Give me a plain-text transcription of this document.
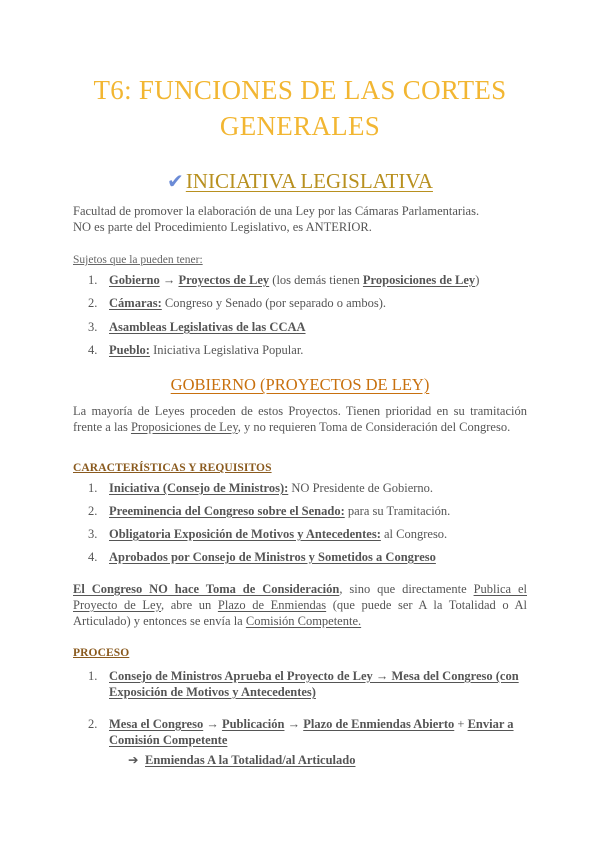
T6: FUNCIONES DE LAS CORTES GENERALES
✔INICIATIVA LEGISLATIVA
Facultad de promover la elaboración de una Ley por las Cámaras Parlamentarias.
NO es parte del Procedimiento Legislativo, es ANTERIOR.
Sujetos que la pueden tener:
1. Gobierno → Proyectos de Ley (los demás tienen Proposiciones de Ley)
2. Cámaras: Congreso y Senado (por separado o ambos).
3. Asambleas Legislativas de las CCAA
4. Pueblo: Iniciativa Legislativa Popular.
GOBIERNO (PROYECTOS DE LEY)
La mayoría de Leyes proceden de estos Proyectos. Tienen prioridad en su tramitación frente a las Proposiciones de Ley, y no requieren Toma de Consideración del Congreso.
CARACTERÍSTICAS Y REQUISITOS
1. Iniciativa (Consejo de Ministros): NO Presidente de Gobierno.
2. Preeminencia del Congreso sobre el Senado: para su Tramitación.
3. Obligatoria Exposición de Motivos y Antecedentes: al Congreso.
4. Aprobados por Consejo de Ministros y Sometidos a Congreso
El Congreso NO hace Toma de Consideración, sino que directamente Publica el Proyecto de Ley, abre un Plazo de Enmiendas (que puede ser A la Totalidad o Al Articulado) y entonces se envía la Comisión Competente.
PROCESO
1. Consejo de Ministros Aprueba el Proyecto de Ley → Mesa del Congreso (con
Exposición de Motivos y Antecedentes)
2. Mesa el Congreso → Publicación → Plazo de Enmiendas Abierto + Enviar a
Comisión Competente
➔ Enmiendas A la Totalidad/al Articulado
